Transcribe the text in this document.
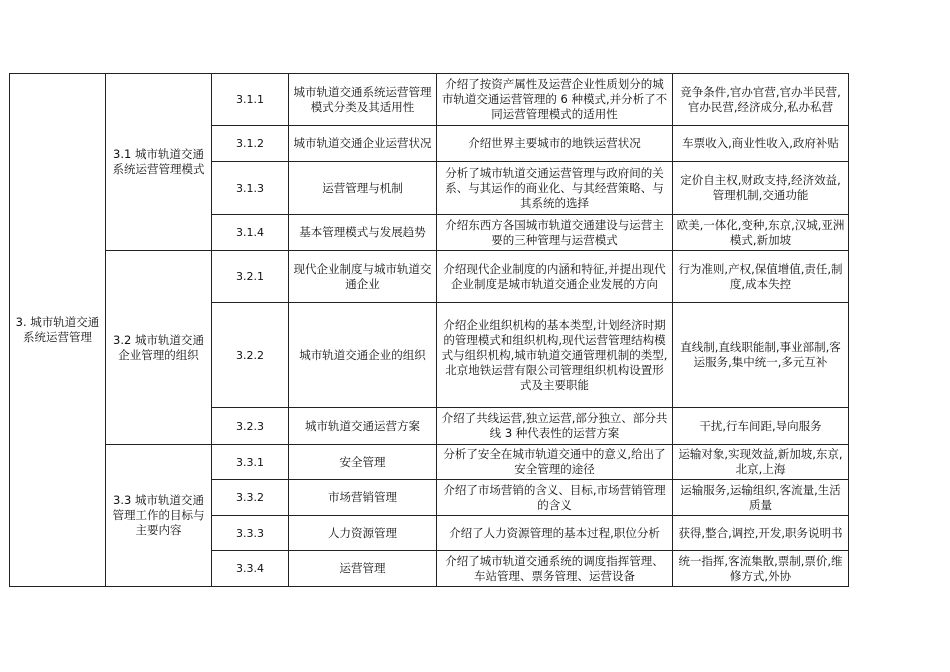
3. 城市轨道交通系统运营管理	3.1 城市轨道交通系统运营管理模式	3.1.1	城市轨道交通系统运营管理模式分类及其适用性	介绍了按资产属性及运营企业性质划分的城市轨道交通运营管理的 6 种模式,并分析了不同运营管理模式的适用性	竞争条件,官办官营,官办半民营,官办民营,经济成分,私办私营
		3.1.2	城市轨道交通企业运营状况	介绍世界主要城市的地铁运营状况	车票收入,商业性收入,政府补贴
		3.1.3	运营管理与机制	分析了城市轨道交通运营管理与政府间的关系、与其运作的商业化、与其经营策略、与其系统的选择	定价自主权,财政支持,经济效益,管理机制,交通功能
		3.1.4	基本管理模式与发展趋势	介绍东西方各国城市轨道交通建设与运营主要的三种管理与运营模式	欧美,一体化,变种,东京,汉城,亚洲模式,新加坡
	3.2 城市轨道交通企业管理的组织	3.2.1	现代企业制度与城市轨道交通企业	介绍现代企业制度的内涵和特征,并提出现代企业制度是城市轨道交通企业发展的方向	行为准则,产权,保值增值,责任,制度,成本失控
		3.2.2	城市轨道交通企业的组织	介绍企业组织机构的基本类型,计划经济时期的管理模式和组织机构,现代运营管理结构模式与组织机构,城市轨道交通管理机制的类型,北京地铁运营有限公司管理组织机构设置形式及主要职能	直线制,直线职能制,事业部制,客运服务,集中统一,多元互补
		3.2.3	城市轨道交通运营方案	介绍了共线运营,独立运营,部分独立、部分共线 3 种代表性的运营方案	干扰,行车间距,导向服务
	3.3 城市轨道交通管理工作的目标与主要内容	3.3.1	安全管理	分析了安全在城市轨道交通中的意义,给出了安全管理的途径	运输对象,实现效益,新加坡,东京,北京,上海
		3.3.2	市场营销管理	介绍了市场营销的含义、目标,市场营销管理的含义	运输服务,运输组织,客流量,生活质量
		3.3.3	人力资源管理	介绍了人力资源管理的基本过程,职位分析	获得,整合,调控,开发,职务说明书
		3.3.4	运营管理	介绍了城市轨道交通系统的调度指挥管理、车站管理、票务管理、运营设备	统一指挥,客流集散,票制,票价,维修方式,外协
